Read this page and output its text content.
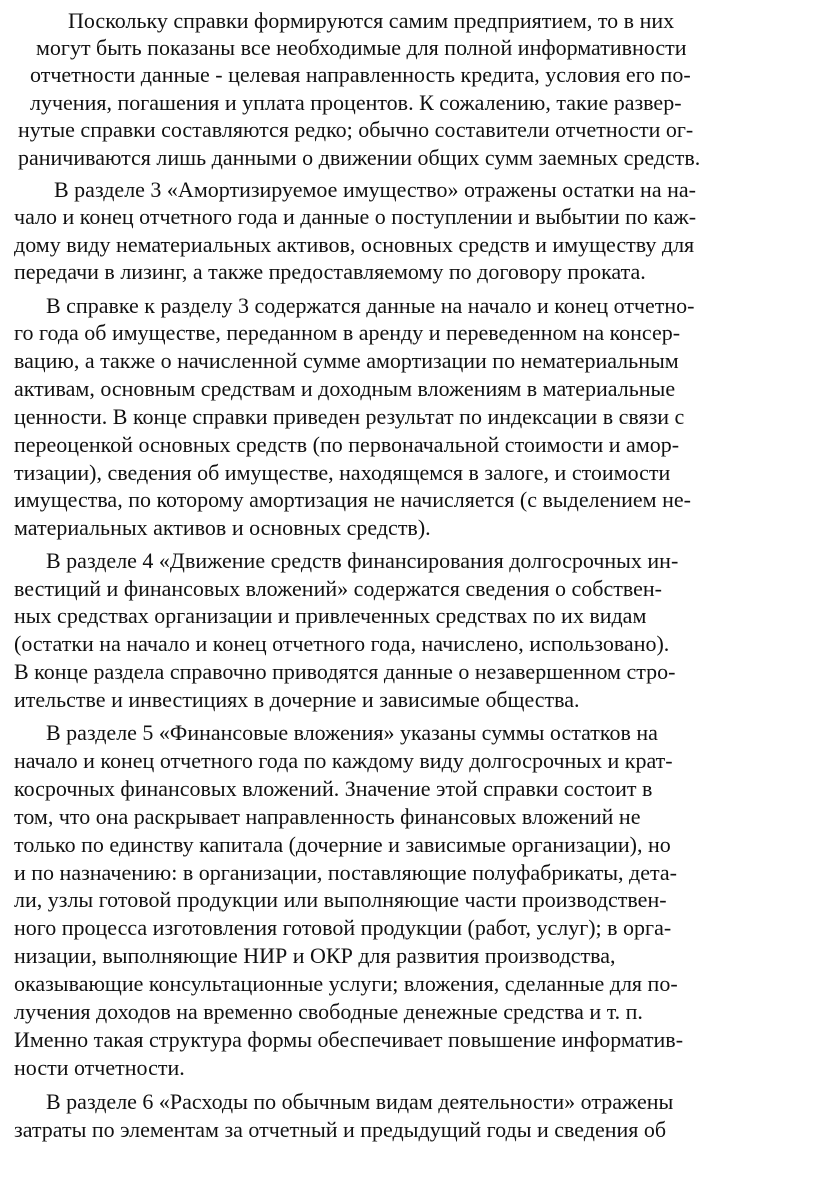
Поскольку справки формируются самим предприятием, то в них
могут быть показаны все необходимые для полной информативности
отчетности данные - целевая направленность кредита, условия его по-
лучения, погашения и уплата процентов. К сожалению, такие развер-
нутые справки составляются редко; обычно составители отчетности ог-
раничиваются лишь данными о движении общих сумм заемных средств.
В разделе 3 «Амортизируемое имущество» отражены остатки на на-
чало и конец отчетного года и данные о поступлении и выбытии по каж-
дому виду нематериальных активов, основных средств и имуществу для
передачи в лизинг, а также предоставляемому по договору проката.
В справке к разделу 3 содержатся данные на начало и конец отчетно-
го года об имуществе, переданном в аренду и переведенном на консер-
вацию, а также о начисленной сумме амортизации по нематериальным
активам, основным средствам и доходным вложениям в материальные
ценности. В конце справки приведен результат по индексации в связи с
переоценкой основных средств (по первоначальной стоимости и амор-
тизации), сведения об имуществе, находящемся в залоге, и стоимости
имущества, по которому амортизация не начисляется (с выделением не-
материальных активов и основных средств).
В разделе 4 «Движение средств финансирования долгосрочных ин-
вестиций и финансовых вложений» содержатся сведения о собствен-
ных средствах организации и привлеченных средствах по их видам
(остатки на начало и конец отчетного года, начислено, использовано).
В конце раздела справочно приводятся данные о незавершенном стро-
ительстве и инвестициях в дочерние и зависимые общества.
В разделе 5 «Финансовые вложения» указаны суммы остатков на
начало и конец отчетного года по каждому виду долгосрочных и крат-
косрочных финансовых вложений. Значение этой справки состоит в
том, что она раскрывает направленность финансовых вложений не
только по единству капитала (дочерние и зависимые организации), но
и по назначению: в организации, поставляющие полуфабрикаты, дета-
ли, узлы готовой продукции или выполняющие части производствен-
ного процесса изготовления готовой продукции (работ, услуг); в орга-
низации, выполняющие НИР и ОКР для развития производства,
оказывающие консультационные услуги; вложения, сделанные для по-
лучения доходов на временно свободные денежные средства и т. п.
Именно такая структура формы обеспечивает повышение информатив-
ности отчетности.
В разделе 6 «Расходы по обычным видам деятельности» отражены
затраты по элементам за отчетный и предыдущий годы и сведения об
